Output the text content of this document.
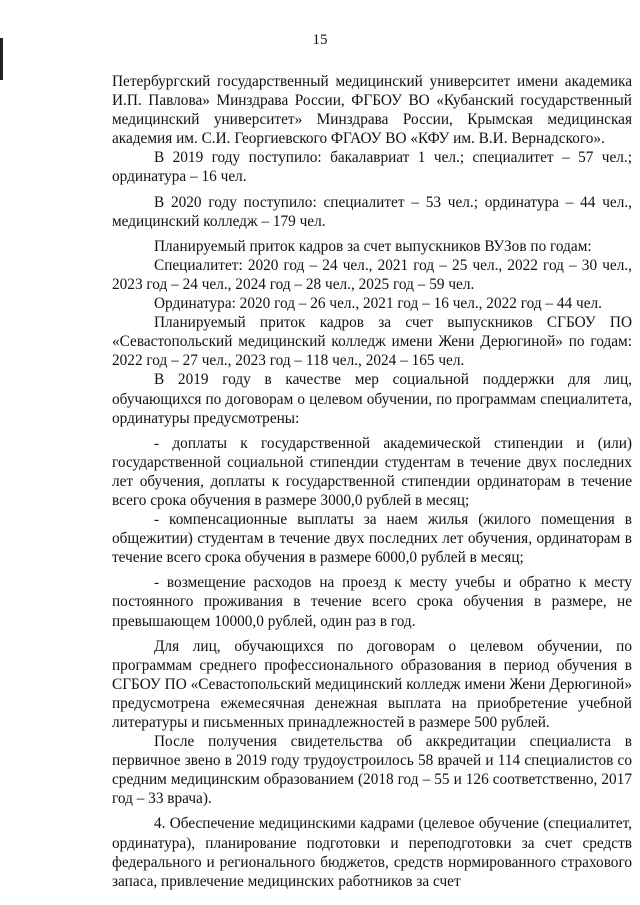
15

Петербургский государственный медицинский университет имени академика И.П. Павлова» Минздрава России, ФГБОУ ВО «Кубанский государственный медицинский университет» Минздрава России, Крымская медицинская академия им. С.И. Георгиевского ФГАОУ ВО «КФУ им. В.И. Вернадского».

В 2019 году поступило: бакалавриат 1 чел.; специалитет – 57 чел.; ординатура – 16 чел.

В 2020 году поступило: специалитет – 53 чел.; ординатура – 44 чел., медицинский колледж – 179 чел.

Планируемый приток кадров за счет выпускников ВУЗов по годам:

Специалитет: 2020 год – 24 чел., 2021 год – 25 чел., 2022 год – 30 чел., 2023 год – 24 чел., 2024 год – 28 чел., 2025 год – 59 чел.

Ординатура: 2020 год – 26 чел., 2021 год – 16 чел., 2022 год – 44 чел.

Планируемый приток кадров за счет выпускников СГБОУ ПО «Севастопольский медицинский колледж имени Жени Дерюгиной» по годам: 2022 год – 27 чел., 2023 год – 118 чел., 2024 – 165 чел.

В 2019 году в качестве мер социальной поддержки для лиц, обучающихся по договорам о целевом обучении, по программам специалитета, ординатуры предусмотрены:

- доплаты к государственной академической стипендии и (или) государственной социальной стипендии студентам в течение двух последних лет обучения, доплаты к государственной стипендии ординаторам в течение всего срока обучения в размере 3000,0 рублей в месяц;

- компенсационные выплаты за наем жилья (жилого помещения в общежитии) студентам в течение двух последних лет обучения, ординаторам в течение всего срока обучения в размере 6000,0 рублей в месяц;

- возмещение расходов на проезд к месту учебы и обратно к месту постоянного проживания в течение всего срока обучения в размере, не превышающем 10000,0 рублей, один раз в год.

Для лиц, обучающихся по договорам о целевом обучении, по программам среднего профессионального образования в период обучения в СГБОУ ПО «Севастопольский медицинский колледж имени Жени Дерюгиной» предусмотрена ежемесячная денежная выплата на приобретение учебной литературы и письменных принадлежностей в размере 500 рублей.

После получения свидетельства об аккредитации специалиста в первичное звено в 2019 году трудоустроилось 58 врачей и 114 специалистов со средним медицинским образованием (2018 год – 55 и 126 соответственно, 2017 год – 33 врача).

4. Обеспечение медицинскими кадрами (целевое обучение (специалитет, ординатура), планирование подготовки и переподготовки за счет средств федерального и регионального бюджетов, средств нормированного страхового запаса, привлечение медицинских работников за счет
